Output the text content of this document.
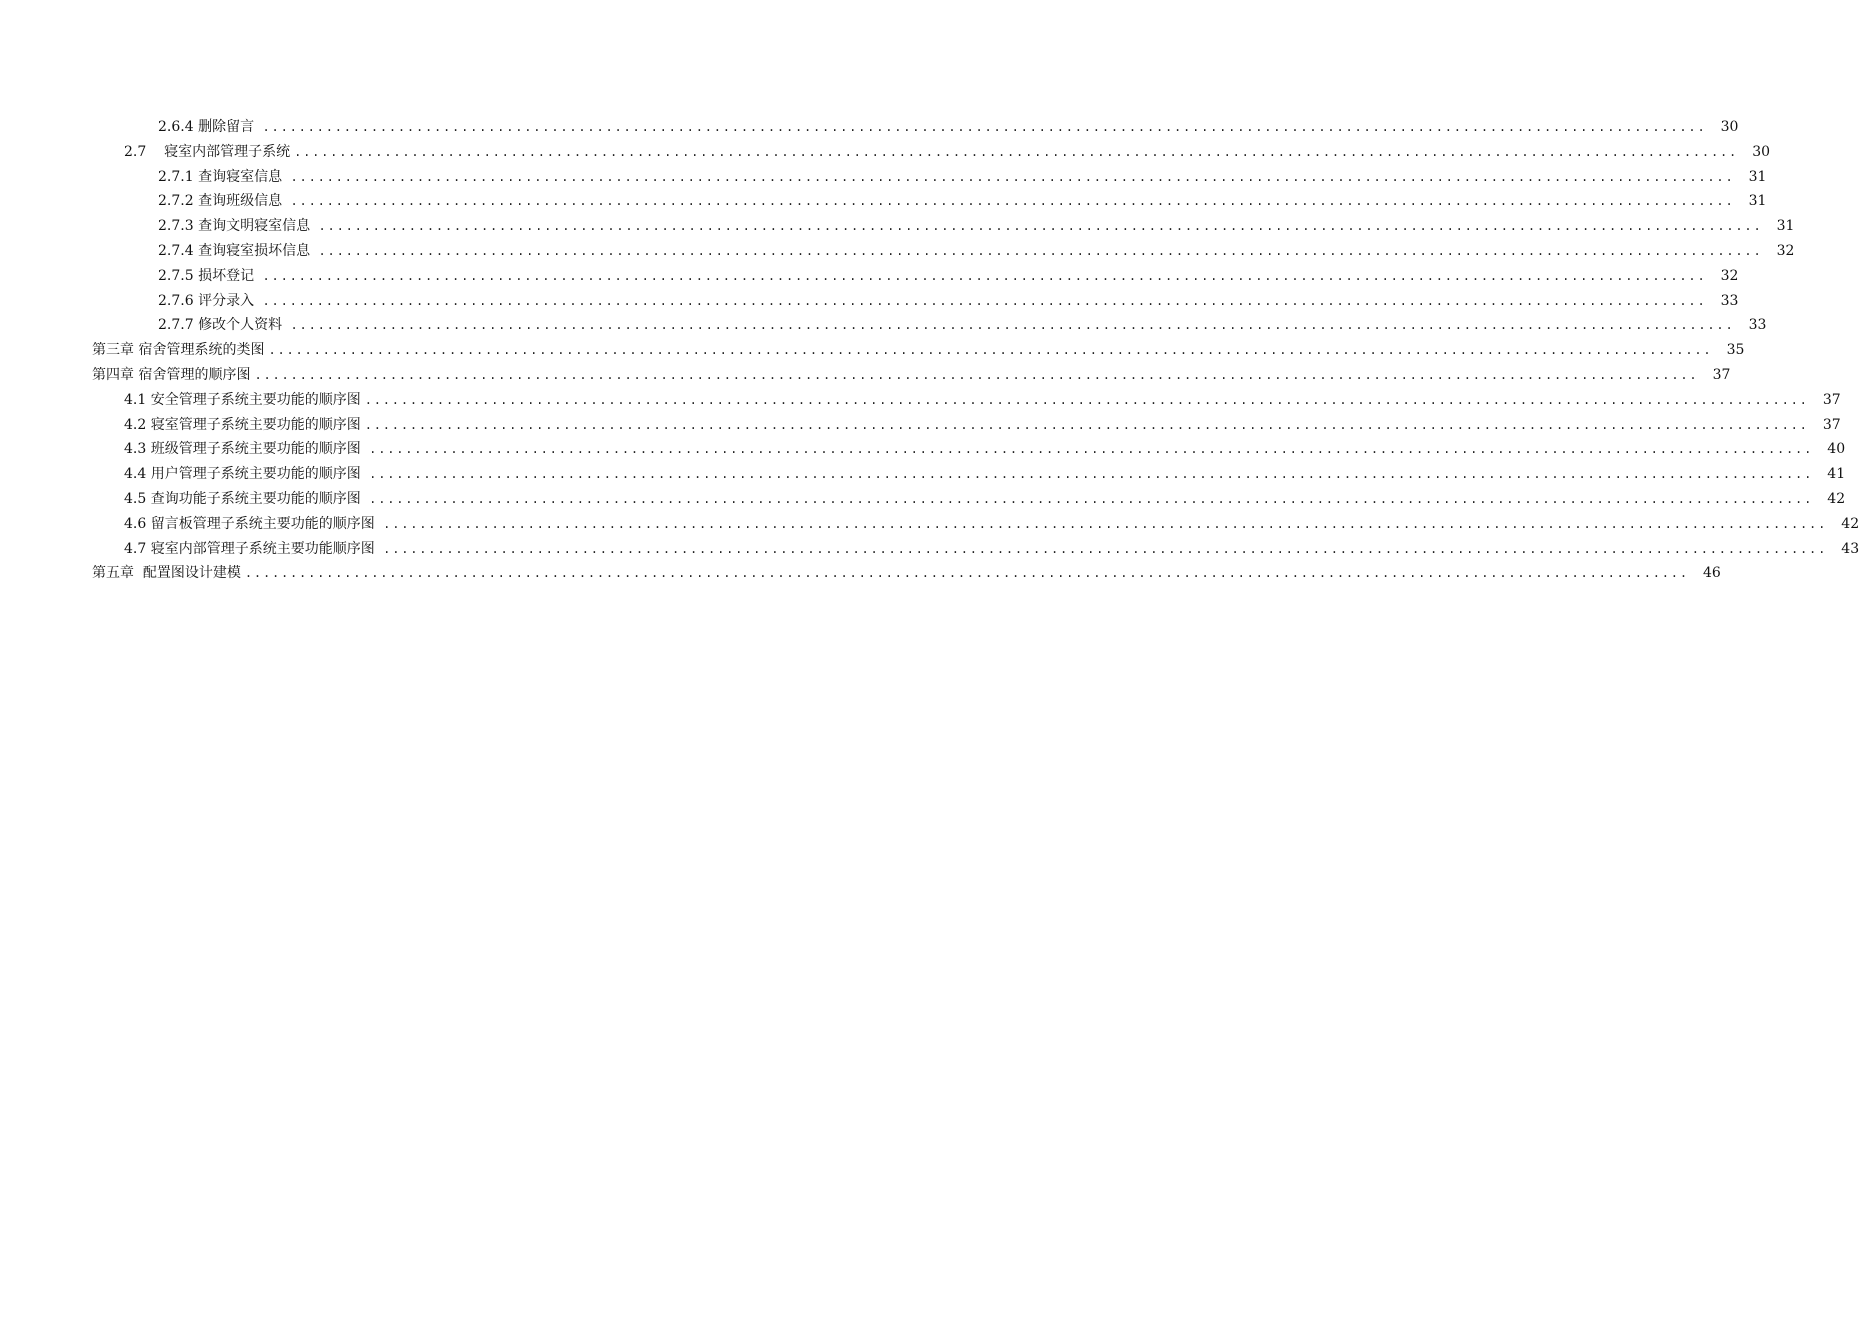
2.6.4 删除留言 ................................................................................................................................................................	30
2.7    寝室内部管理子系统 ................................................................................................................................................................	30
2.7.1 查询寝室信息 ................................................................................................................................................................	31
2.7.2 查询班级信息 ................................................................................................................................................................	31
2.7.3 查询文明寝室信息 ................................................................................................................................................................	31
2.7.4 查询寝室损坏信息 ................................................................................................................................................................	32
2.7.5 损坏登记 ................................................................................................................................................................	32
2.7.6 评分录入 ................................................................................................................................................................	33
2.7.7 修改个人资料 ................................................................................................................................................................	33
第三章 宿舍管理系统的类图 ................................................................................................................................................................	35
第四章 宿舍管理的顺序图 ................................................................................................................................................................	37
4.1 安全管理子系统主要功能的顺序图 ................................................................................................................................................................	37
4.2 寝室管理子系统主要功能的顺序图 ................................................................................................................................................................	37
4.3 班级管理子系统主要功能的顺序图 ................................................................................................................................................................	40
4.4 用户管理子系统主要功能的顺序图 ................................................................................................................................................................	41
4.5 查询功能子系统主要功能的顺序图 ................................................................................................................................................................	42
4.6 留言板管理子系统主要功能的顺序图 ................................................................................................................................................................	42
4.7 寝室内部管理子系统主要功能顺序图 ................................................................................................................................................................	43
第五章  配置图设计建模 ................................................................................................................................................................	46
